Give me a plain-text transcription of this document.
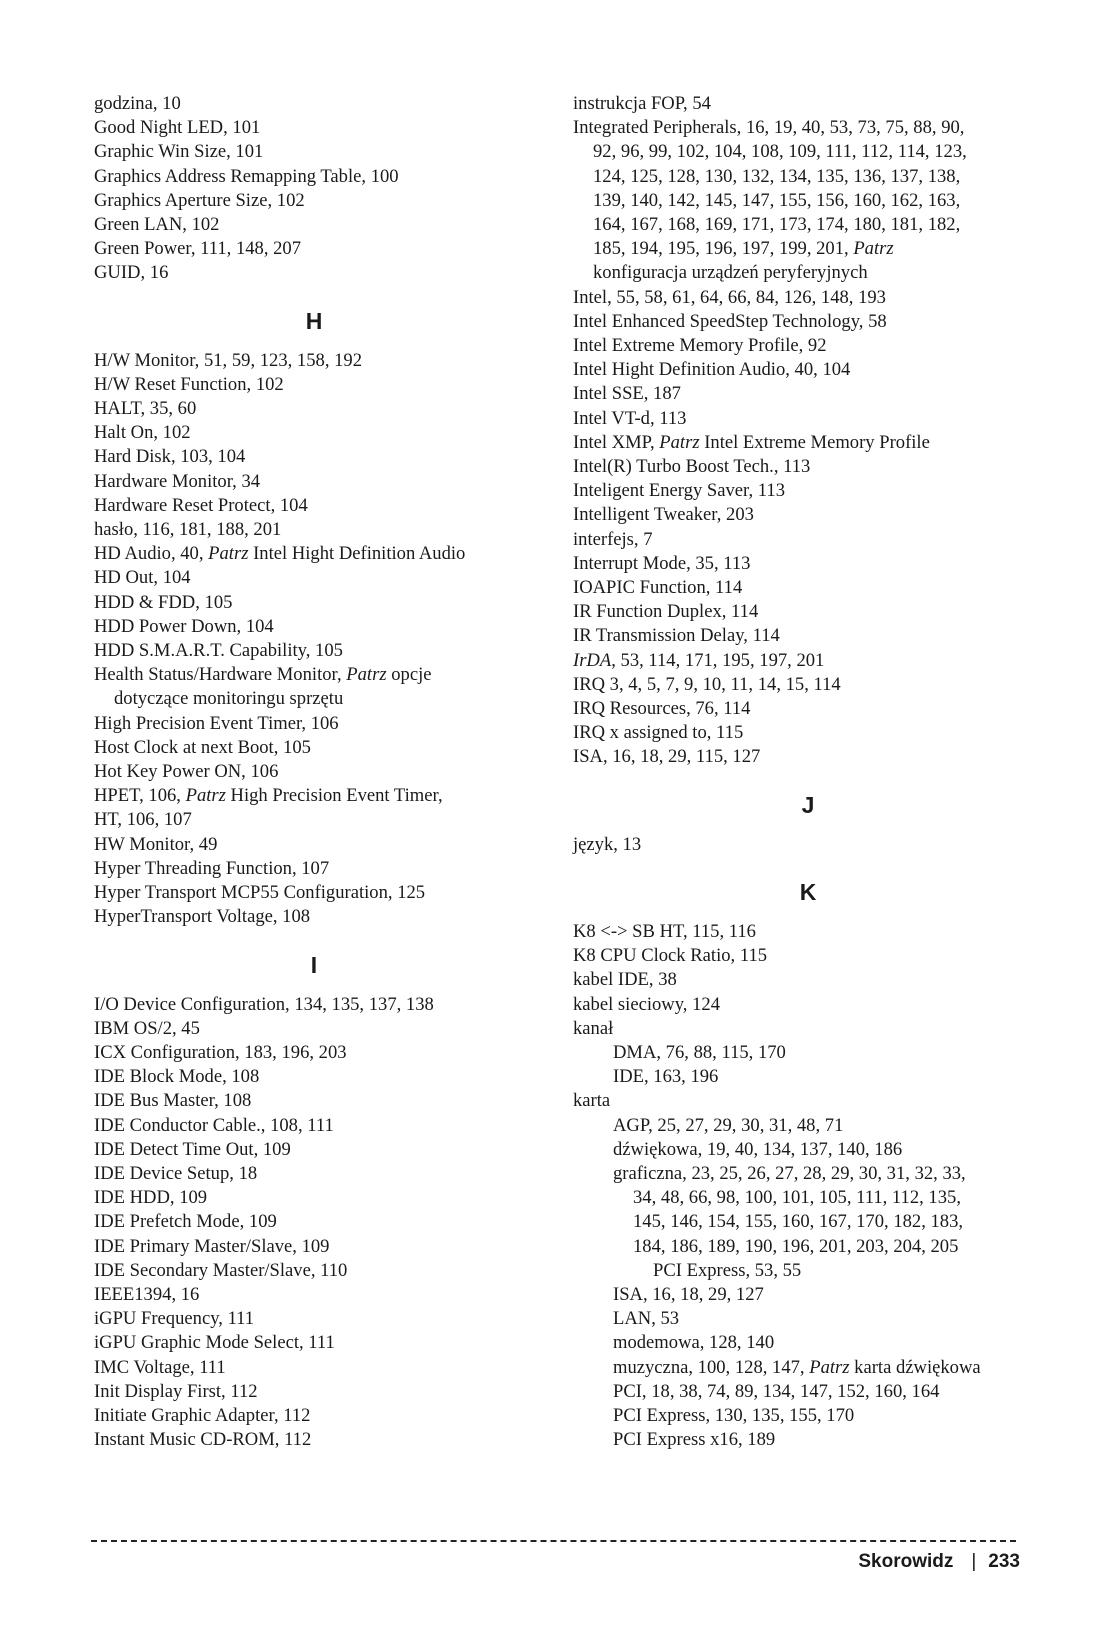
godzina, 10
Good Night LED, 101
Graphic Win Size, 101
Graphics Address Remapping Table, 100
Graphics Aperture Size, 102
Green LAN, 102
Green Power, 111, 148, 207
GUID, 16
H
H/W Monitor, 51, 59, 123, 158, 192
H/W Reset Function, 102
HALT, 35, 60
Halt On, 102
Hard Disk, 103, 104
Hardware Monitor, 34
Hardware Reset Protect, 104
hasło, 116, 181, 188, 201
HD Audio, 40, Patrz Intel Hight Definition Audio
HD Out, 104
HDD & FDD, 105
HDD Power Down, 104
HDD S.M.A.R.T. Capability, 105
Health Status/Hardware Monitor, Patrz opcje
dotyczące monitoringu sprzętu
High Precision Event Timer, 106
Host Clock at next Boot, 105
Hot Key Power ON, 106
HPET, 106, Patrz High Precision Event Timer,
HT, 106, 107
HW Monitor, 49
Hyper Threading Function, 107
Hyper Transport MCP55 Configuration, 125
HyperTransport Voltage, 108
I
I/O Device Configuration, 134, 135, 137, 138
IBM OS/2, 45
ICX Configuration, 183, 196, 203
IDE Block Mode, 108
IDE Bus Master, 108
IDE Conductor Cable., 108, 111
IDE Detect Time Out, 109
IDE Device Setup, 18
IDE HDD, 109
IDE Prefetch Mode, 109
IDE Primary Master/Slave, 109
IDE Secondary Master/Slave, 110
IEEE1394, 16
iGPU Frequency, 111
iGPU Graphic Mode Select, 111
IMC Voltage, 111
Init Display First, 112
Initiate Graphic Adapter, 112
Instant Music CD-ROM, 112
instrukcja FOP, 54
Integrated Peripherals, 16, 19, 40, 53, 73, 75, 88, 90,
92, 96, 99, 102, 104, 108, 109, 111, 112, 114, 123,
124, 125, 128, 130, 132, 134, 135, 136, 137, 138,
139, 140, 142, 145, 147, 155, 156, 160, 162, 163,
164, 167, 168, 169, 171, 173, 174, 180, 181, 182,
185, 194, 195, 196, 197, 199, 201, Patrz
konfiguracja urządzeń peryferyjnych
Intel, 55, 58, 61, 64, 66, 84, 126, 148, 193
Intel Enhanced SpeedStep Technology, 58
Intel Extreme Memory Profile, 92
Intel Hight Definition Audio, 40, 104
Intel SSE, 187
Intel VT-d, 113
Intel XMP, Patrz Intel Extreme Memory Profile
Intel(R) Turbo Boost Tech., 113
Inteligent Energy Saver, 113
Intelligent Tweaker, 203
interfejs, 7
Interrupt Mode, 35, 113
IOAPIC Function, 114
IR Function Duplex, 114
IR Transmission Delay, 114
IrDA, 53, 114, 171, 195, 197, 201
IRQ 3, 4, 5, 7, 9, 10, 11, 14, 15, 114
IRQ Resources, 76, 114
IRQ x assigned to, 115
ISA, 16, 18, 29, 115, 127
J
język, 13
K
K8 <-> SB HT, 115, 116
K8 CPU Clock Ratio, 115
kabel IDE, 38
kabel sieciowy, 124
kanał
DMA, 76, 88, 115, 170
IDE, 163, 196
karta
AGP, 25, 27, 29, 30, 31, 48, 71
dźwiękowa, 19, 40, 134, 137, 140, 186
graficzna, 23, 25, 26, 27, 28, 29, 30, 31, 32, 33,
34, 48, 66, 98, 100, 101, 105, 111, 112, 135,
145, 146, 154, 155, 160, 167, 170, 182, 183,
184, 186, 189, 190, 196, 201, 203, 204, 205
PCI Express, 53, 55
ISA, 16, 18, 29, 127
LAN, 53
modemowa, 128, 140
muzyczna, 100, 128, 147, Patrz karta dźwiękowa
PCI, 18, 38, 74, 89, 134, 147, 152, 160, 164
PCI Express, 130, 135, 155, 170
PCI Express x16, 189
Skorowidz | 233
